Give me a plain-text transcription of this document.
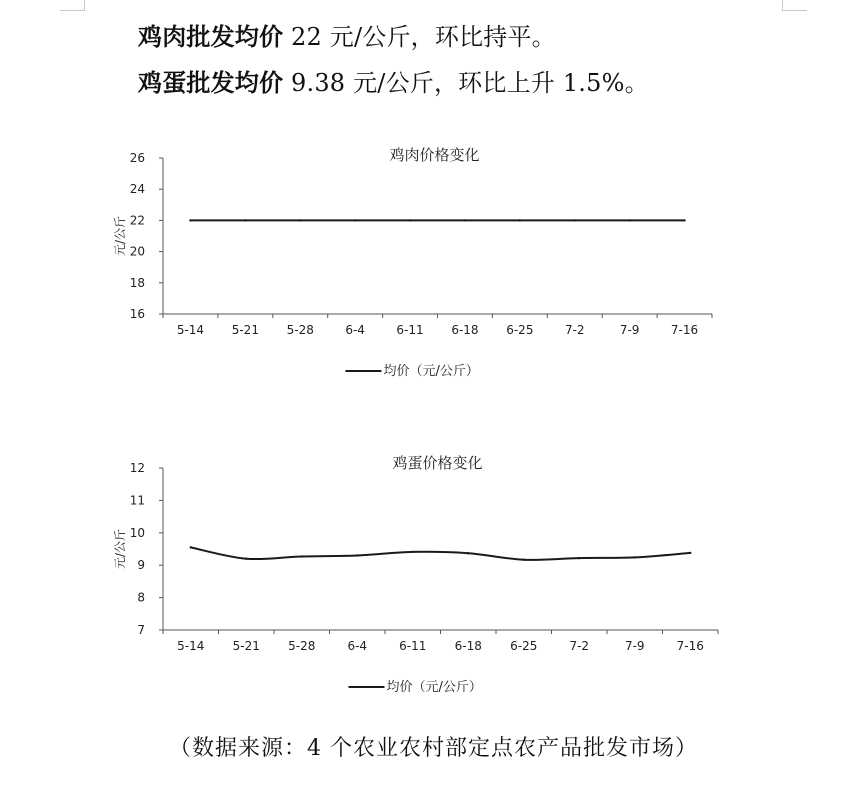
鸡肉批发均价 22 元/公斤，环比持平。
鸡蛋批发均价 9.38 元/公斤，环比上升 1.5%。
鸡肉价格变化
16
18
20
22
24
26
元/公斤
5-14 5-21 5-28	6-4	6-11 6-18 6-25	7-2	7-9	7-16
均价（元/公斤）
鸡蛋价格变化
7
8
9
10
11
12
元/公斤
5-14 5-21 5-28	6-4	6-11 6-18 6-25	7-2	7-9	7-16
均价（元/公斤）
（数据来源：4 个农业农村部定点农产品批发市场）
